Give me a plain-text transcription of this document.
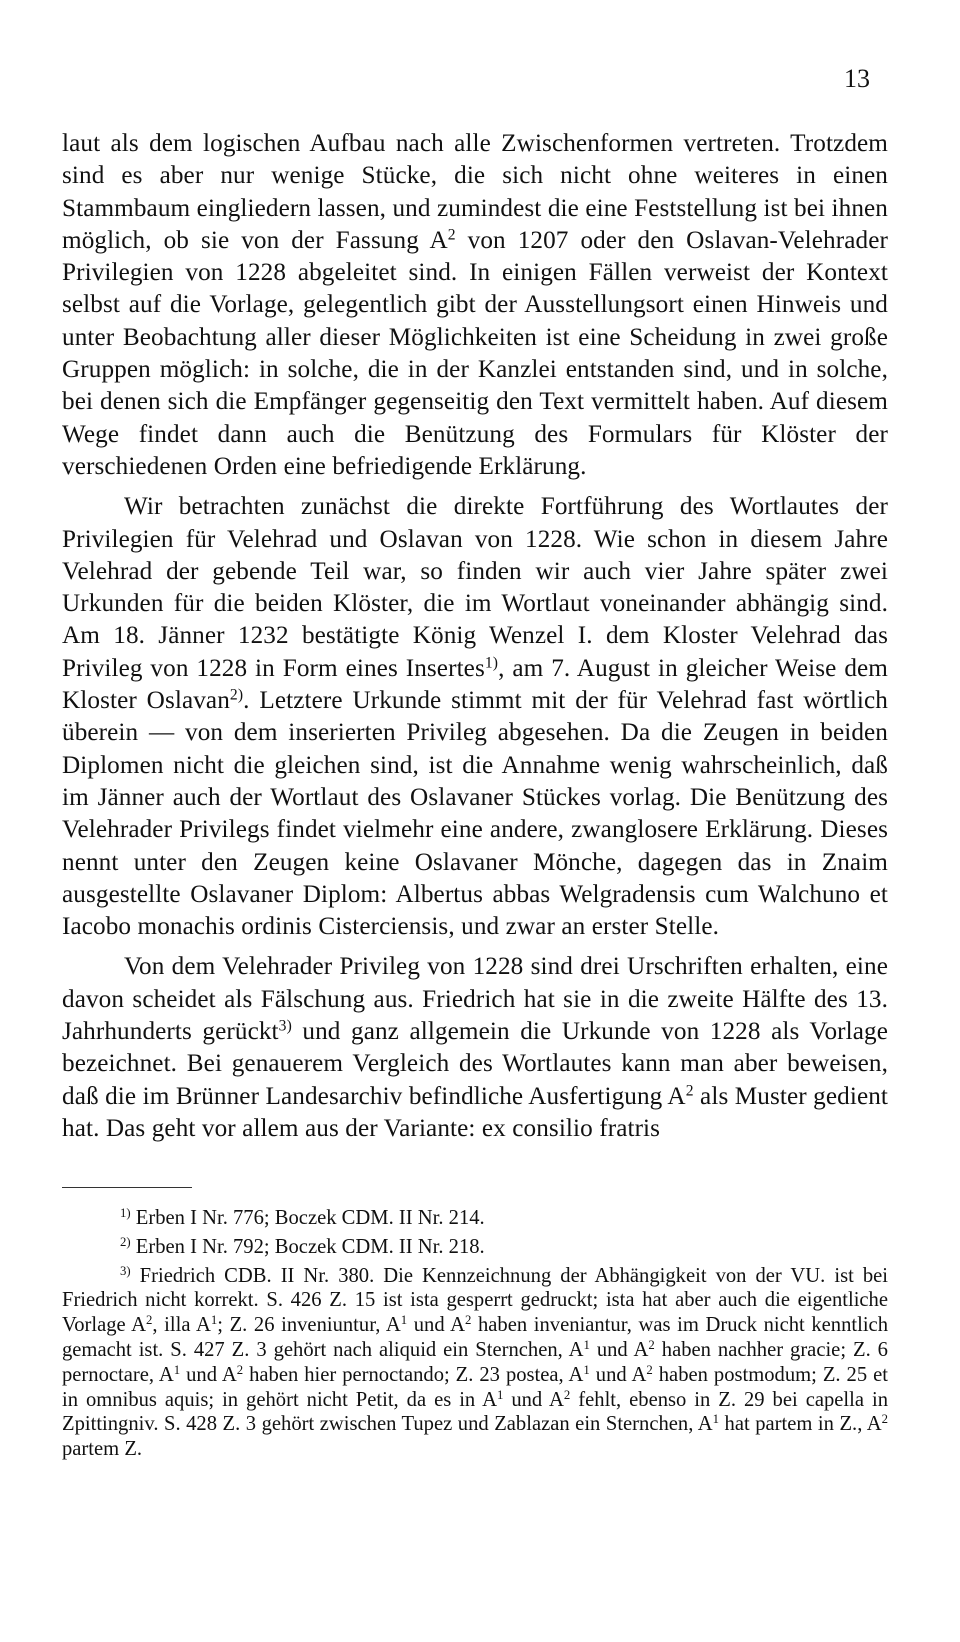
13

laut als dem logischen Aufbau nach alle Zwischenformen vertreten. Trotzdem sind es aber nur wenige Stücke, die sich nicht ohne weiteres in einen Stammbaum eingliedern lassen, und zumindest die eine Feststellung ist bei ihnen möglich, ob sie von der Fassung $A^2$ von 1207 oder den Oslavan-Velehrader Privilegien von 1228 abgeleitet sind. In einigen Fällen verweist der Kontext selbst auf die Vorlage, gelegentlich gibt der Ausstellungsort einen Hinweis und unter Beobachtung aller dieser Möglichkeiten ist eine Scheidung in zwei große Gruppen möglich: in solche, die in der Kanzlei entstanden sind, und in solche, bei denen sich die Empfänger gegenseitig den Text vermittelt haben. Auf diesem Wege findet dann auch die Benützung des Formulars für Klöster der verschiedenen Orden eine befriedigende Erklärung.

Wir betrachten zunächst die direkte Fortführung des Wortlautes der Privilegien für Velehrad und Oslavan von 1228. Wie schon in diesem Jahre Velehrad der gebende Teil war, so finden wir auch vier Jahre später zwei Urkunden für die beiden Klöster, die im Wortlaut voneinander abhängig sind. Am 18. Jänner 1232 bestätigte König Wenzel I. dem Kloster Velehrad das Privileg von 1228 in Form eines Insertes$^{1)}$, am 7. August in gleicher Weise dem Kloster Oslavan$^{2)}$. Letztere Urkunde stimmt mit der für Velehrad fast wörtlich überein — von dem inserierten Privileg abgesehen. Da die Zeugen in beiden Diplomen nicht die gleichen sind, ist die Annahme wenig wahrscheinlich, daß im Jänner auch der Wortlaut des Oslavaner Stückes vorlag. Die Benützung des Velehrader Privilegs findet vielmehr eine andere, zwanglosere Erklärung. Dieses nennt unter den Zeugen keine Oslavaner Mönche, dagegen das in Znaim ausgestellte Oslavaner Diplom: Albertus abbas Welgradensis cum Walchuno et Iacobo monachis ordinis Cisterciensis, und zwar an erster Stelle.

Von dem Velehrader Privileg von 1228 sind drei Urschriften erhalten, eine davon scheidet als Fälschung aus. Friedrich hat sie in die zweite Hälfte des 13. Jahrhunderts gerückt$^{3)}$ und ganz allgemein die Urkunde von 1228 als Vorlage bezeichnet. Bei genauerem Vergleich des Wortlautes kann man aber beweisen, daß die im Brünner Landesarchiv befindliche Ausfertigung $A^2$ als Muster gedient hat. Das geht vor allem aus der Variante: ex consilio fratris

$^{1)}$ Erben I Nr. 776; Boczek CDM. II Nr. 214.

$^{2)}$ Erben I Nr. 792; Boczek CDM. II Nr. 218.

$^{3)}$ Friedrich CDB. II Nr. 380. Die Kennzeichnung der Abhängigkeit von der VU. ist bei Friedrich nicht korrekt. S. 426 Z. 15 ist ista gesperrt gedruckt; ista hat aber auch die eigentliche Vorlage $A^2$, illa $A^1$; Z. 26 inveniuntur, $A^1$ und $A^2$ haben inveniantur, was im Druck nicht kenntlich gemacht ist. S. 427 Z. 3 gehört nach aliquid ein Sternchen, $A^1$ und $A^2$ haben nachher gracie; Z. 6 pernoctare, $A^1$ und $A^2$ haben hier pernoctando; Z. 23 postea, $A^1$ und $A^2$ haben postmodum; Z. 25 et in omnibus aquis; in gehört nicht Petit, da es in $A^1$ und $A^2$ fehlt, ebenso in Z. 29 bei capella in Zpittingniv. S. 428 Z. 3 gehört zwischen Tupez und Zablazan ein Sternchen, $A^1$ hat partem in Z., $A^2$ partem Z.
